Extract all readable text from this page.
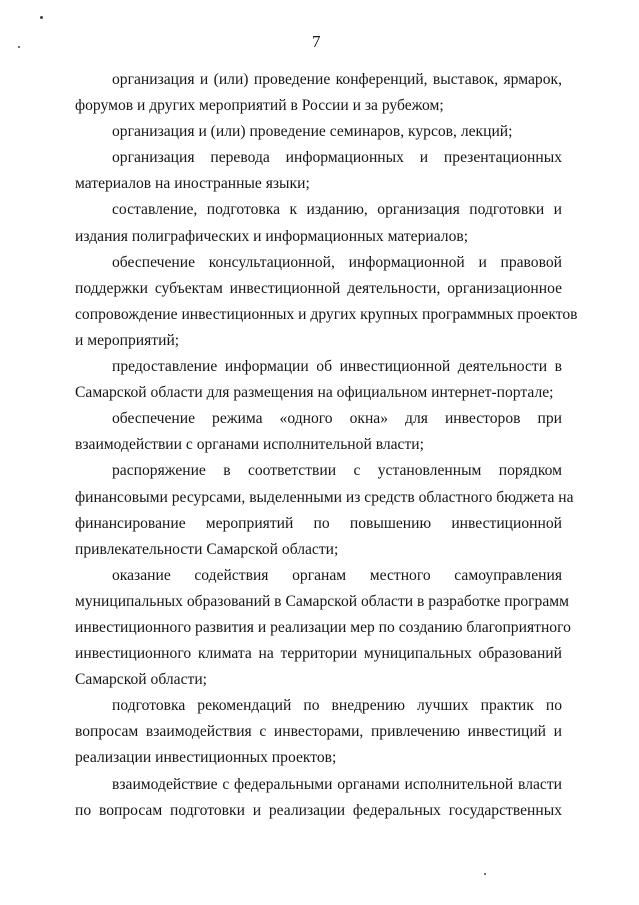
7
организация и (или) проведение конференций, выставок, ярмарок,
форумов и других мероприятий в России и за рубежом;
организация и (или) проведение семинаров, курсов, лекций;
организация перевода информационных и презентационных
материалов на иностранные языки;
составление, подготовка к изданию, организация подготовки и
издания полиграфических и информационных материалов;
обеспечение консультационной, информационной и правовой
поддержки субъектам инвестиционной деятельности, организационное
сопровождение инвестиционных и других крупных программных проектов
и мероприятий;
предоставление информации об инвестиционной деятельности в
Самарской области для размещения на официальном интернет-портале;
обеспечение режима «одного окна» для инвесторов при
взаимодействии с органами исполнительной власти;
распоряжение в соответствии с установленным порядком
финансовыми ресурсами, выделенными из средств областного бюджета на
финансирование мероприятий по повышению инвестиционной
привлекательности Самарской области;
оказание содействия органам местного самоуправления
муниципальных образований в Самарской области в разработке программ
инвестиционного развития и реализации мер по созданию благоприятного
инвестиционного климата на территории муниципальных образований
Самарской области;
подготовка рекомендаций по внедрению лучших практик по
вопросам взаимодействия с инвесторами, привлечению инвестиций и
реализации инвестиционных проектов;
взаимодействие с федеральными органами исполнительной власти
по вопросам подготовки и реализации федеральных государственных
